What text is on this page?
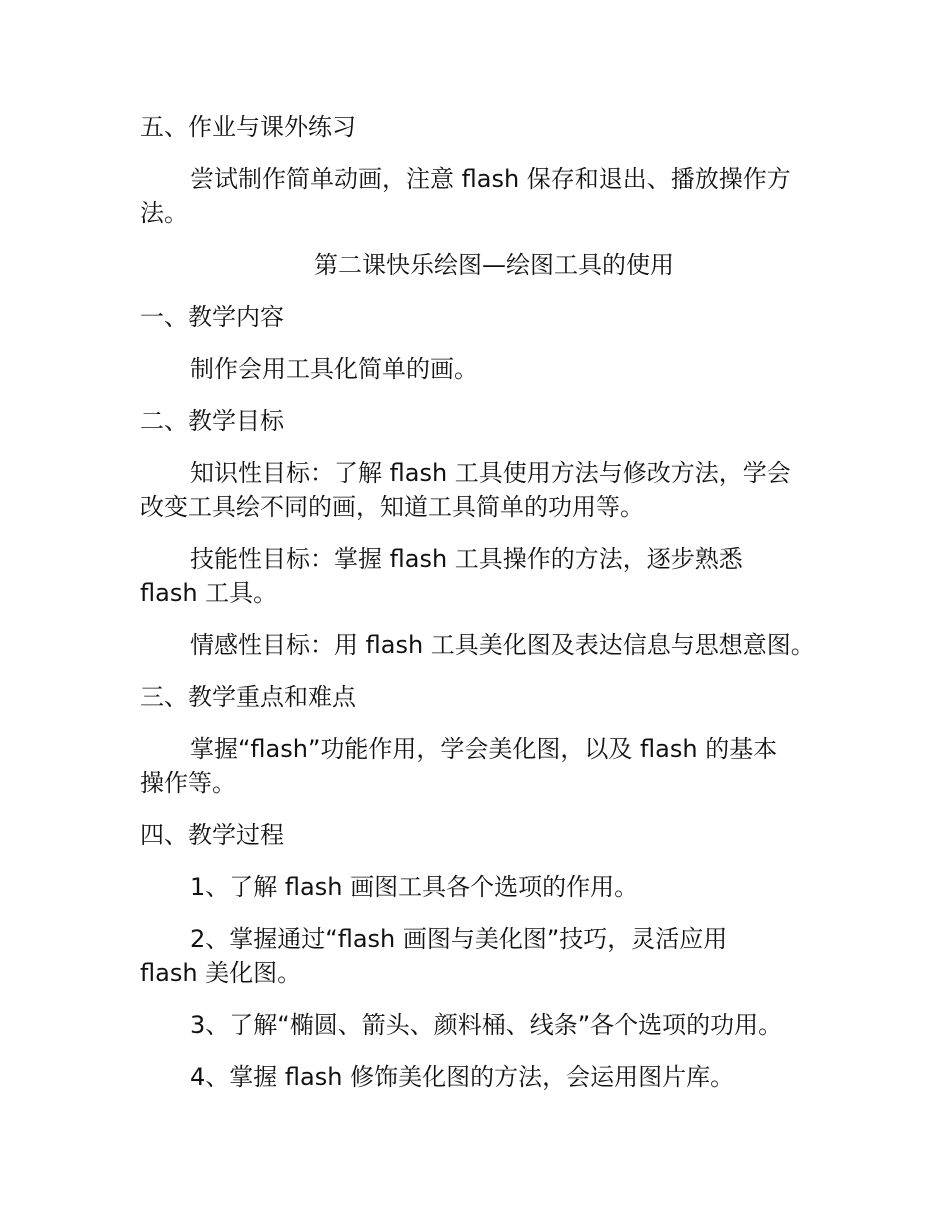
五、作业与课外练习

尝试制作简单动画，注意 flash 保存和退出、播放操作方

法。

第二课快乐绘图—绘图工具的使用

一、教学内容

制作会用工具化简单的画。

二、教学目标

知识性目标：了解 flash 工具使用方法与修改方法，学会

改变工具绘不同的画，知道工具简单的功用等。

技能性目标：掌握 flash 工具操作的方法，逐步熟悉

flash 工具。

情感性目标：用 flash 工具美化图及表达信息与思想意图。

三、教学重点和难点

掌握“flash”功能作用，学会美化图，以及 flash 的基本

操作等。

四、教学过程

1、了解 flash 画图工具各个选项的作用。

2、掌握通过“flash 画图与美化图”技巧，灵活应用

flash 美化图。

3、了解“椭圆、箭头、颜料桶、线条”各个选项的功用。

4、掌握 flash 修饰美化图的方法，会运用图片库。
